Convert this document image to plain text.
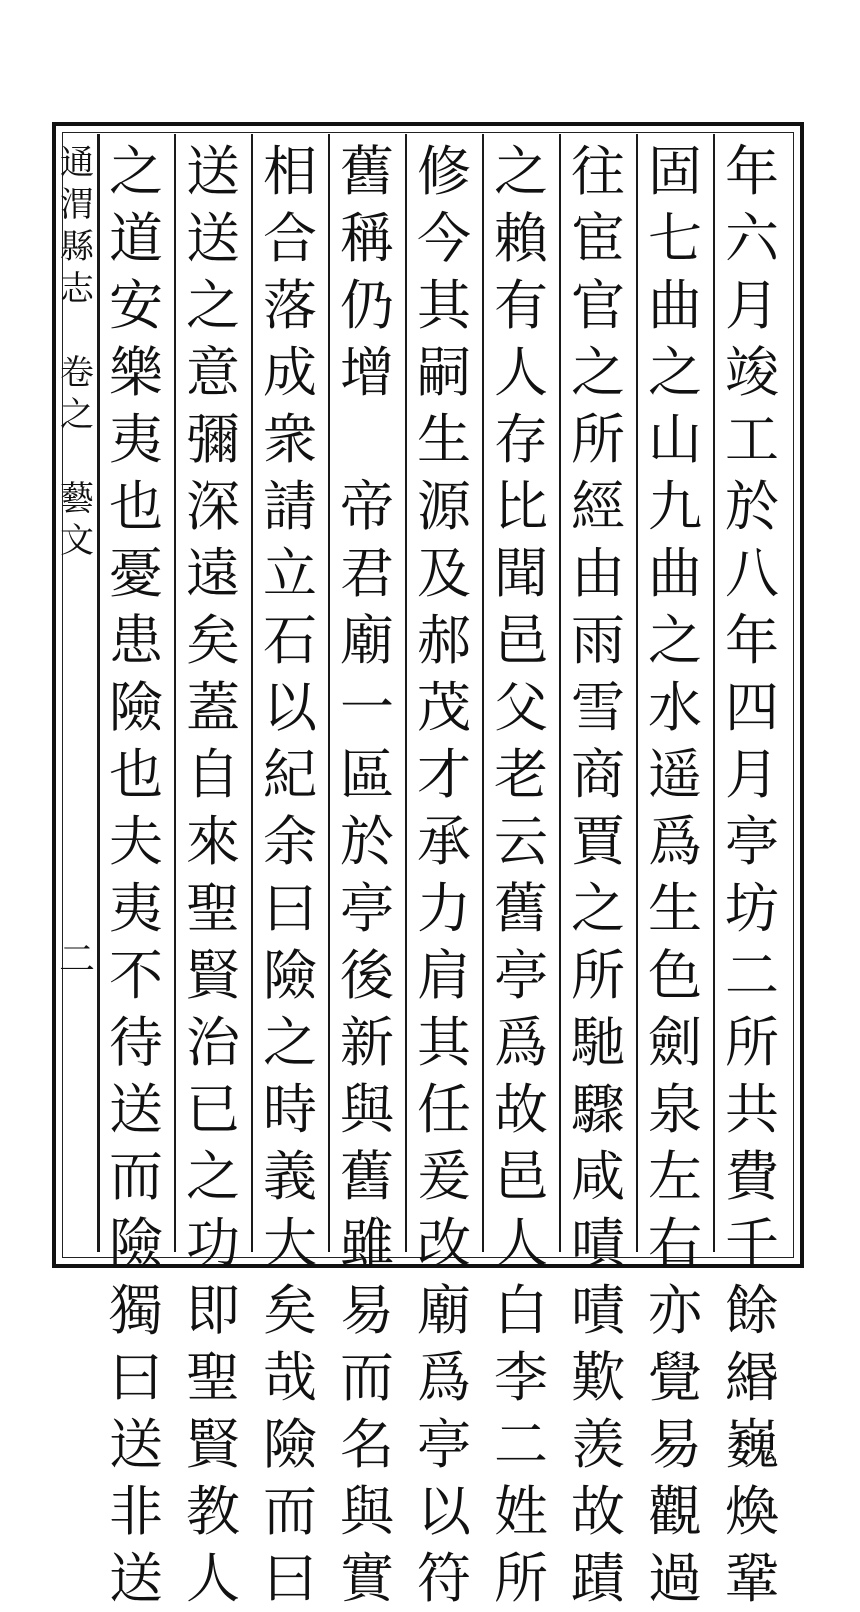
通
渭
縣
志

卷
之

藝
文
二
年
六
月
竣
工
於
八
年
四
月
亭
坊
二
所
共
費
千
餘
緡
巍
煥
鞏
固
七
曲
之
山
九
曲
之
水
遥
爲
生
色
劍
泉
左
右
亦
覺
易
觀
過
往
宦
官
之
所
經
由
雨
雪
商
賈
之
所
馳
驟
咸
嘖
嘖
歎
羡
故
蹟
之
賴
有
人
存
比
聞
邑
父
老
云
舊
亭
爲
故
邑
人
白
李
二
姓
所
修
今
其
嗣
生
源
及
郝
茂
才
承
力
肩
其
任
爰
改
廟
爲
亭
以
符
舊
稱
仍
增

帝
君
廟
一
區
於
亭
後
新
與
舊
雖
易
而
名
與
實
相
合
落
成
衆
請
立
石
以
紀
余
曰
險
之
時
義
大
矣
哉
險
而
曰
送
送
之
意
彌
深
遠
矣
蓋
自
來
聖
賢
治
已
之
功
即
聖
賢
教
人
之
道
安
樂
夷
也
憂
患
險
也
夫
夷
不
待
送
而
險
獨
曰
送
非
送
